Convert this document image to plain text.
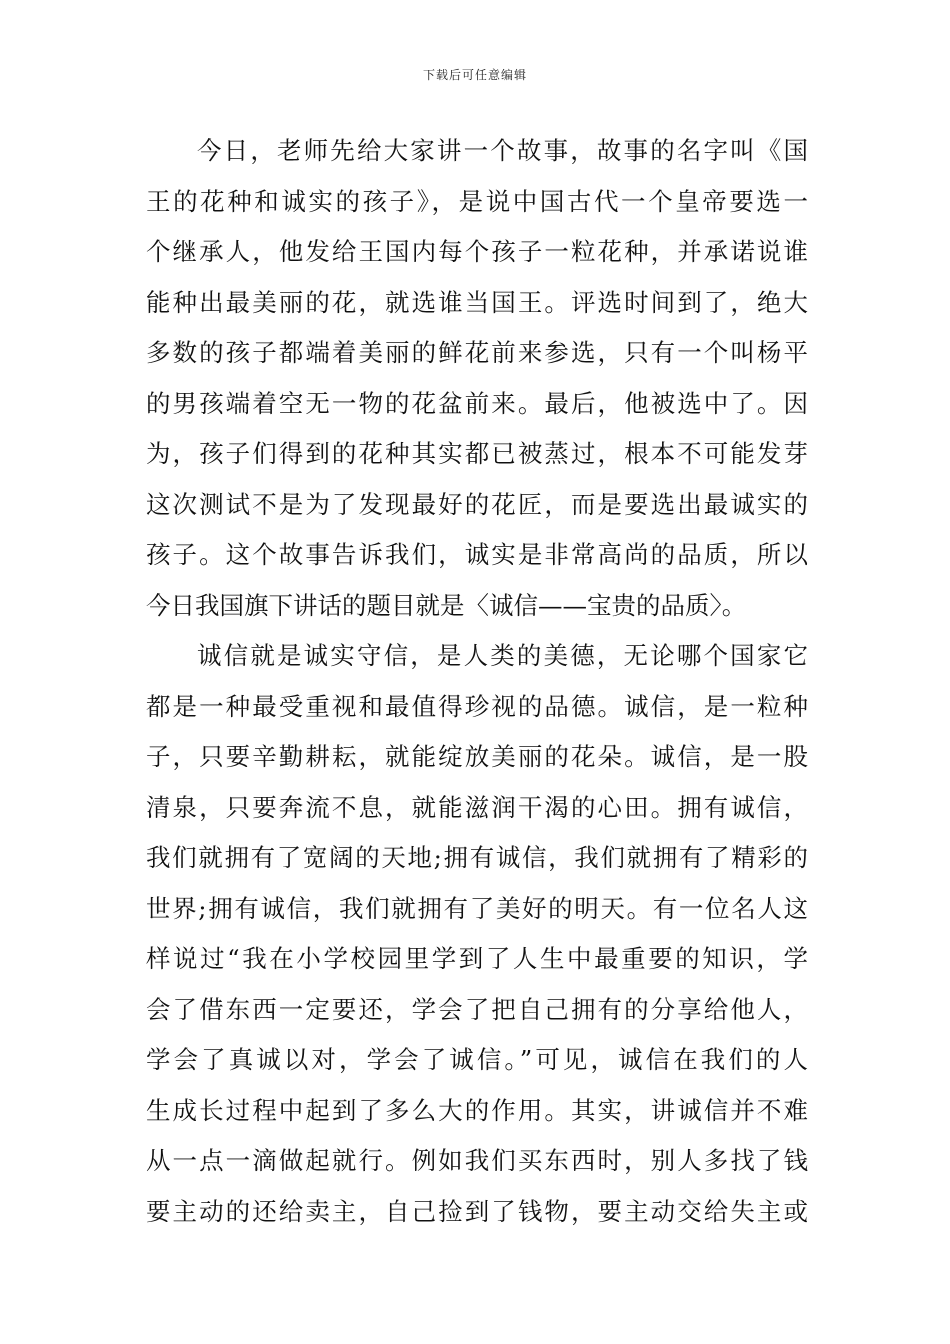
下载后可任意编辑
今日，老师先给大家讲一个故事，故事的名字叫《国
王的花种和诚实的孩子》，是说中国古代一个皇帝要选一
个继承人，他发给王国内每个孩子一粒花种，并承诺说谁
能种出最美丽的花，就选谁当国王。评选时间到了，绝大
多数的孩子都端着美丽的鲜花前来参选，只有一个叫杨平
的男孩端着空无一物的花盆前来。最后，他被选中了。因
为，孩子们得到的花种其实都已被蒸过，根本不可能发芽
这次测试不是为了发现最好的花匠，而是要选出最诚实的
孩子。这个故事告诉我们，诚实是非常高尚的品质，所以
今日我国旗下讲话的题目就是〈诚信——宝贵的品质〉。
诚信就是诚实守信，是人类的美德，无论哪个国家它
都是一种最受重视和最值得珍视的品德。诚信，是一粒种
子，只要辛勤耕耘，就能绽放美丽的花朵。诚信，是一股
清泉，只要奔流不息，就能滋润干渴的心田。拥有诚信，
我们就拥有了宽阔的天地;拥有诚信，我们就拥有了精彩的
世界;拥有诚信，我们就拥有了美好的明天。有一位名人这
样说过“我在小学校园里学到了人生中最重要的知识，学
会了借东西一定要还，学会了把自己拥有的分享给他人，
学会了真诚以对，学会了诚信。”可见，诚信在我们的人
生成长过程中起到了多么大的作用。其实，讲诚信并不难
从一点一滴做起就行。例如我们买东西时，别人多找了钱
要主动的还给卖主，自己捡到了钱物，要主动交给失主或
